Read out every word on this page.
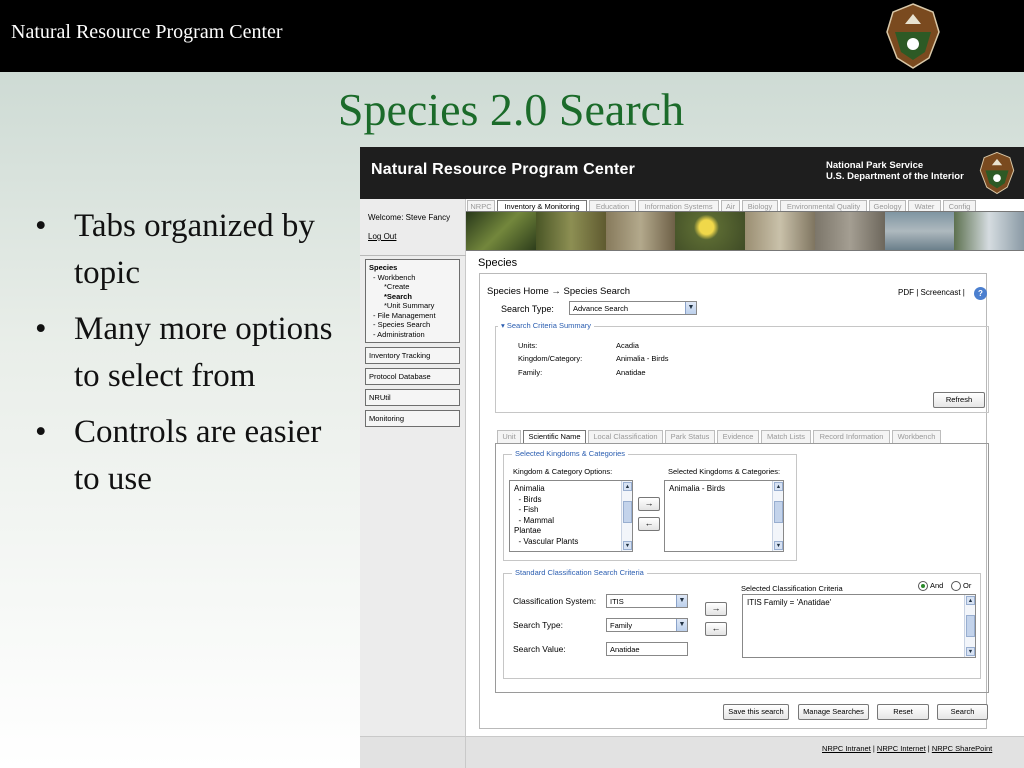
Natural Resource Program Center
Species 2.0 Search
• Tabs organized by topic
• Many more options to select from
• Controls are easier to use
Natural Resource Program Center	National Park Service
U.S. Department of the Interior
Welcome: Steve Fancy
Log Out
Species
- Workbench
*Create
*Search
*Unit Summary
- File Management
- Species Search
- Administration
Inventory Tracking
Protocol Database
NRUtil
Monitoring
NRPC	Inventory & Monitoring	Education	Information Systems	Air	Biology	Environmental Quality	Geology	Water	Config
Species
Species Home → Species Search	PDF | Screencast |	?
Search Type:	Advance Search	▼
▾ Search Criteria Summary
Units:	Acadia
Kingdom/Category:	Animalia - Birds
Family:	Anatidae
Refresh
Unit	Scientific Name	Local Classification	Park Status	Evidence	Match Lists	Record Information	Workbench
Selected Kingdoms & Categories
Kingdom & Category Options:	Selected Kingdoms & Categories:
Animalia
- Birds
- Fish
- Mammal
Plantae
- Vascular Plants
▲
▼
→
←
Animalia - Birds	▲
▼
Standard Classification Search Criteria
Classification System:	ITIS	▼
Search Type:	Family	▼
Search Value:	Anatidae
→
←
Selected Classification Criteria	And	Or
ITIS Family = 'Anatidae'	▲
▼
Save this search	Manage Searches	Reset	Search
NRPC Intranet | NRPC Internet | NRPC SharePoint
